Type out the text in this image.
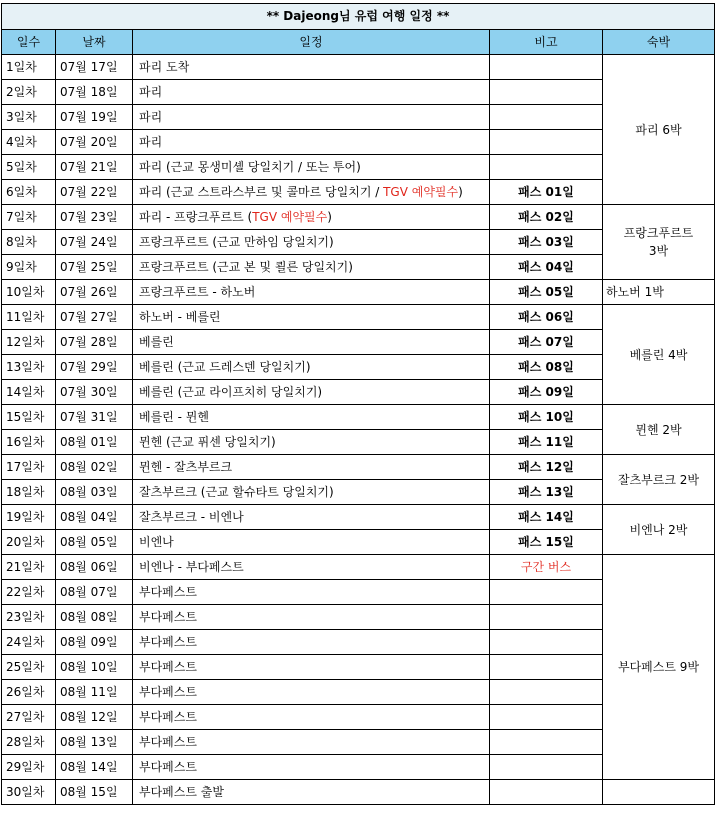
** Dajeong님 유럽 여행 일정 **				
일수	날짜	일정	비고	숙박
1일차	07월 17일	파리 도착		파리 6박
2일차	07월 18일	파리		
3일차	07월 19일	파리		
4일차	07월 20일	파리		
5일차	07월 21일	파리 (근교 몽생미셸 당일치기 / 또는 투어)		
6일차	07월 22일	파리 (근교 스트라스부르 및 콜마르 당일치기 / TGV 예약필수)	패스 01일	
7일차	07월 23일	파리 - 프랑크푸르트 (TGV 예약필수)	패스 02일	프랑크푸르트
3박
8일차	07월 24일	프랑크푸르트 (근교 만하임 당일치기)	패스 03일	
9일차	07월 25일	프랑크푸르트 (근교 본 및 쾰른 당일치기)	패스 04일	
10일차	07월 26일	프랑크푸르트 - 하노버	패스 05일	하노버 1박
11일차	07월 27일	하노버 - 베를린	패스 06일	베를린 4박
12일차	07월 28일	베를린	패스 07일	
13일차	07월 29일	베를린 (근교 드레스덴 당일치기)	패스 08일	
14일차	07월 30일	베를린 (근교 라이프치히 당일치기)	패스 09일	
15일차	07월 31일	베를린 - 뮌헨	패스 10일	뮌헨 2박
16일차	08월 01일	뮌헨 (근교 퓌센 당일치기)	패스 11일	
17일차	08월 02일	뮌헨 - 잘츠부르크	패스 12일	잘츠부르크 2박
18일차	08월 03일	잘츠부르크 (근교 할슈타트 당일치기)	패스 13일	
19일차	08월 04일	잘츠부르크 - 비엔나	패스 14일	비엔나 2박
20일차	08월 05일	비엔나	패스 15일	
21일차	08월 06일	비엔나 - 부다페스트	구간 버스	부다페스트 9박
22일차	08월 07일	부다페스트		
23일차	08월 08일	부다페스트		
24일차	08월 09일	부다페스트		
25일차	08월 10일	부다페스트		
26일차	08월 11일	부다페스트		
27일차	08월 12일	부다페스트		
28일차	08월 13일	부다페스트		
29일차	08월 14일	부다페스트		
30일차	08월 15일	부다페스트 출발		
